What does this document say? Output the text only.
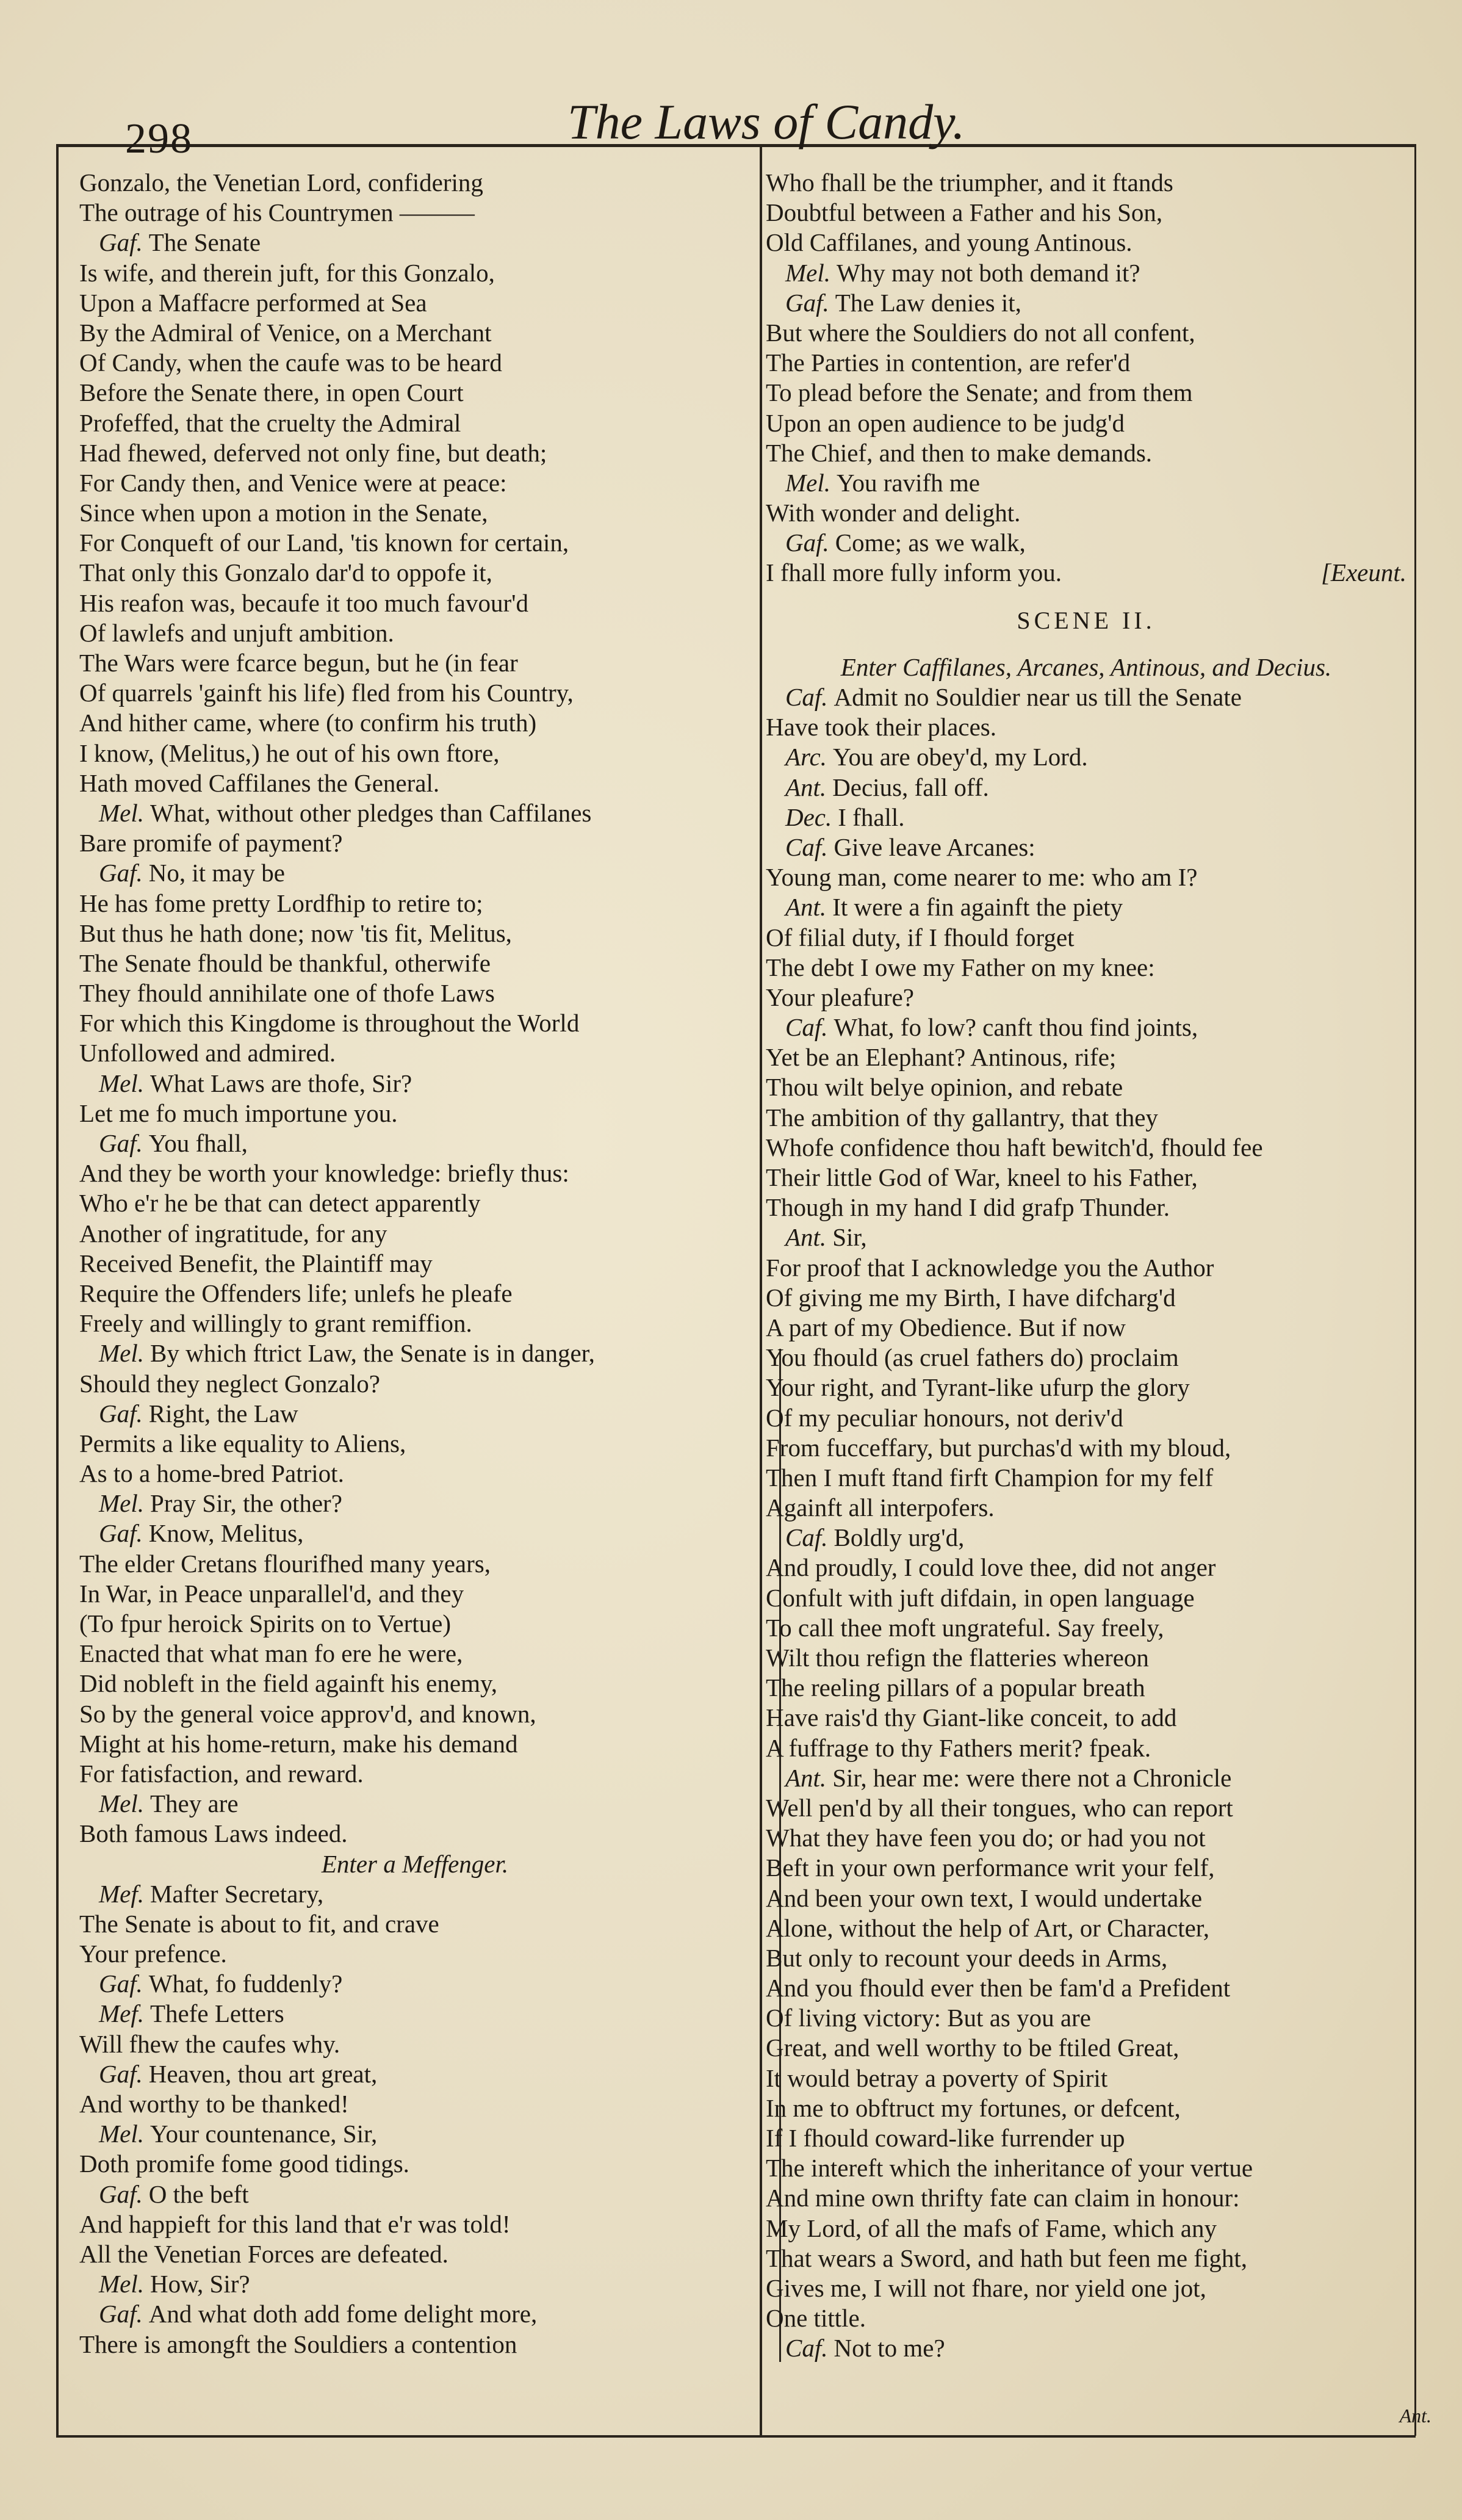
298	The Laws of Candy.
Gonzalo, the Venetian Lord, confidering
The outrage of his Countrymen ———
Gaf. The Senate
Is wife, and therein juft, for this Gonzalo,
Upon a Maffacre performed at Sea
By the Admiral of Venice, on a Merchant
Of Candy, when the caufe was to be heard
Before the Senate there, in open Court
Profeffed, that the cruelty the Admiral
Had fhewed, deferved not only fine, but death;
For Candy then, and Venice were at peace:
Since when upon a motion in the Senate,
For Conqueft of our Land, 'tis known for certain,
That only this Gonzalo dar'd to oppofe it,
His reafon was, becaufe it too much favour'd
Of lawlefs and unjuft ambition.
The Wars were fcarce begun, but he (in fear
Of quarrels 'gainft his life) fled from his Country,
And hither came, where (to confirm his truth)
I know, (Melitus,) he out of his own ftore,
Hath moved Caffilanes the General.
Mel. What, without other pledges than Caffilanes
Bare promife of payment?
Gaf. No, it may be
He has fome pretty Lordfhip to retire to;
But thus he hath done; now 'tis fit, Melitus,
The Senate fhould be thankful, otherwife
They fhould annihilate one of thofe Laws
For which this Kingdome is throughout the World
Unfollowed and admired.
Mel. What Laws are thofe, Sir?
Let me fo much importune you.
Gaf. You fhall,
And they be worth your knowledge: briefly thus:
Who e'r he be that can detect apparently
Another of ingratitude, for any
Received Benefit, the Plaintiff may
Require the Offenders life; unlefs he pleafe
Freely and willingly to grant remiffion.
Mel. By which ftrict Law, the Senate is in danger,
Should they neglect Gonzalo?
Gaf. Right, the Law
Permits a like equality to Aliens,
As to a home-bred Patriot.
Mel. Pray Sir, the other?
Gaf. Know, Melitus,
The elder Cretans flourifhed many years,
In War, in Peace unparallel'd, and they
(To fpur heroick Spirits on to Vertue)
Enacted that what man fo ere he were,
Did nobleft in the field againft his enemy,
So by the general voice approv'd, and known,
Might at his home-return, make his demand
For fatisfaction, and reward.
Mel. They are
Both famous Laws indeed.
Enter a Meffenger.
Mef. Mafter Secretary,
The Senate is about to fit, and crave
Your prefence.
Gaf. What, fo fuddenly?
Mef. Thefe Letters
Will fhew the caufes why.
Gaf. Heaven, thou art great,
And worthy to be thanked!
Mel. Your countenance, Sir,
Doth promife fome good tidings.
Gaf. O the beft
And happieft for this land that e'r was told!
All the Venetian Forces are defeated.
Mel. How, Sir?
Gaf. And what doth add fome delight more,
There is amongft the Souldiers a contention
Who fhall be the triumpher, and it ftands
Doubtful between a Father and his Son,
Old Caffilanes, and young Antinous.
Mel. Why may not both demand it?
Gaf. The Law denies it,
But where the Souldiers do not all confent,
The Parties in contention, are refer'd
To plead before the Senate; and from them
Upon an open audience to be judg'd
The Chief, and then to make demands.
Mel. You ravifh me
With wonder and delight.
Gaf. Come; as we walk,
I fhall more fully inform you.	[Exeunt.
SCENE II.
Enter Caffilanes, Arcanes, Antinous, and Decius.
Caf. Admit no Souldier near us till the Senate
Have took their places.
Arc. You are obey'd, my Lord.
Ant. Decius, fall off.
Dec. I fhall.
Caf. Give leave Arcanes:
Young man, come nearer to me: who am I?
Ant. It were a fin againft the piety
Of filial duty, if I fhould forget
The debt I owe my Father on my knee:
Your pleafure?
Caf. What, fo low? canft thou find joints,
Yet be an Elephant? Antinous, rife;
Thou wilt belye opinion, and rebate
The ambition of thy gallantry, that they
Whofe confidence thou haft bewitch'd, fhould fee
Their little God of War, kneel to his Father,
Though in my hand I did grafp Thunder.
Ant. Sir,
For proof that I acknowledge you the Author
Of giving me my Birth, I have difcharg'd
A part of my Obedience. But if now
You fhould (as cruel fathers do) proclaim
Your right, and Tyrant-like ufurp the glory
Of my peculiar honours, not deriv'd
From fucceffary, but purchas'd with my bloud,
Then I muft ftand firft Champion for my felf
Againft all interpofers.
Caf. Boldly urg'd,
And proudly, I could love thee, did not anger
Confult with juft difdain, in open language
To call thee moft ungrateful. Say freely,
Wilt thou refign the flatteries whereon
The reeling pillars of a popular breath
Have rais'd thy Giant-like conceit, to add
A fuffrage to thy Fathers merit? fpeak.
Ant. Sir, hear me: were there not a Chronicle
Well pen'd by all their tongues, who can report
What they have feen you do; or had you not
Beft in your own performance writ your felf,
And been your own text, I would undertake
Alone, without the help of Art, or Character,
But only to recount your deeds in Arms,
And you fhould ever then be fam'd a Prefident
Of living victory: But as you are
Great, and well worthy to be ftiled Great,
It would betray a poverty of Spirit
In me to obftruct my fortunes, or defcent,
If I fhould coward-like furrender up
The intereft which the inheritance of your vertue
And mine own thrifty fate can claim in honour:
My Lord, of all the mafs of Fame, which any
That wears a Sword, and hath but feen me fight,
Gives me, I will not fhare, nor yield one jot,
One tittle.
Caf. Not to me?
Ant.
